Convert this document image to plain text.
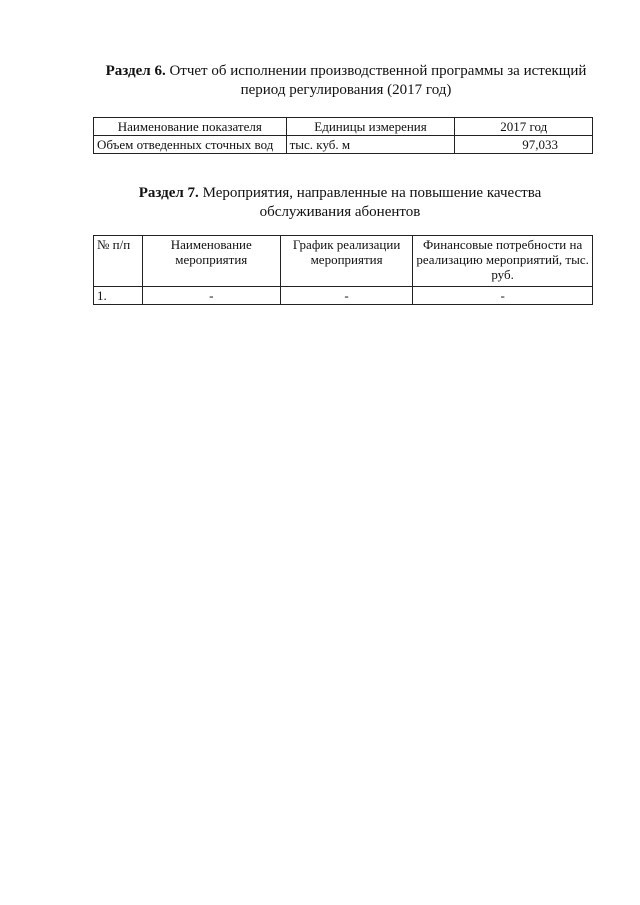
Раздел 6. Отчет об исполнении производственной программы за истекщий период регулирования (2017 год)
Наименование показателя	Единицы измерения	2017 год
Объем отведенных сточных вод	тыс. куб. м	97,033
Раздел 7. Мероприятия, направленные на повышение качества обслуживания абонентов
№ п/п	Наименование мероприятия	График реализации мероприятия	Финансовые потребности на реализацию мероприятий, тыс. руб.
1.	-	-	-
